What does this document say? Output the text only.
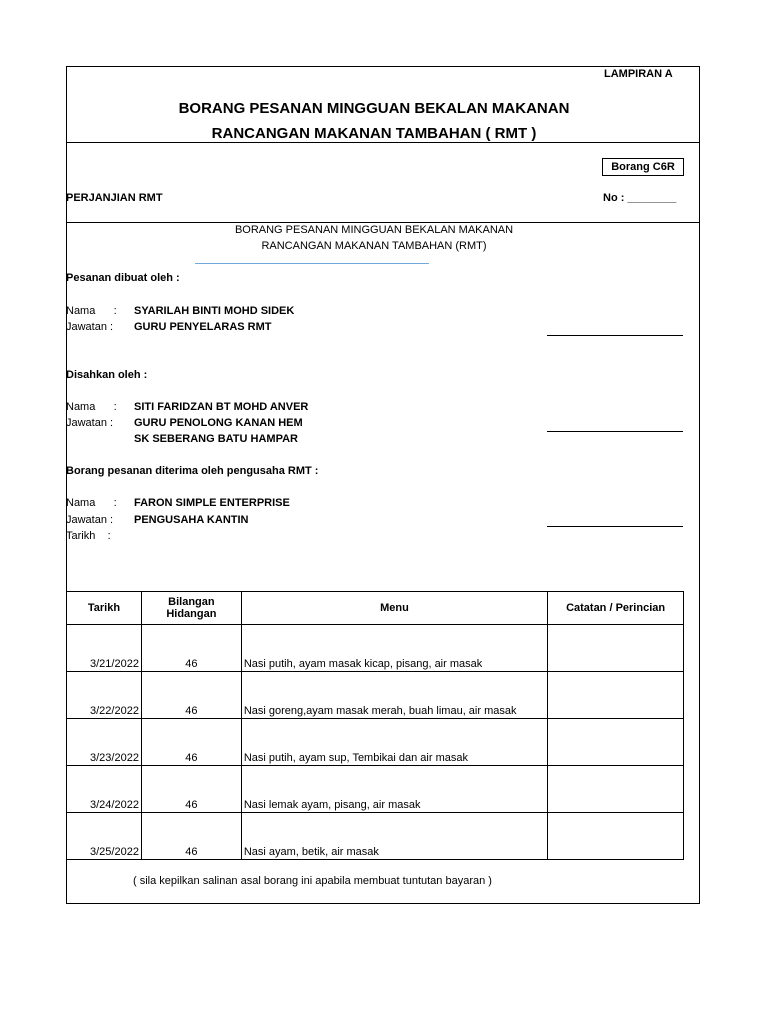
LAMPIRAN A
BORANG PESANAN MINGGUAN BEKALAN MAKANAN
RANCANGAN MAKANAN TAMBAHAN ( RMT )
Borang C6R
PERJANJIAN RMT	No : ________
BORANG PESANAN MINGGUAN BEKALAN MAKANAN
RANCANGAN MAKANAN TAMBAHAN (RMT)
Pesanan dibuat oleh :
Nama      : SYARILAH BINTI MOHD SIDEK
Jawatan : GURU PENYELARAS RMT
Disahkan oleh :
Nama      : SITI FARIDZAN BT MOHD ANVER
Jawatan : GURU PENOLONG KANAN HEM
SK SEBERANG BATU HAMPAR
Borang pesanan diterima oleh pengusaha RMT :
Nama      : FARON SIMPLE ENTERPRISE
Jawatan : PENGUSAHA KANTIN
Tarikh    :
Tarikh	Bilangan Hidangan	Menu	Catatan / Perincian
3/21/2022	46	Nasi putih, ayam masak kicap, pisang, air masak	
3/22/2022	46	Nasi goreng,ayam masak merah, buah limau, air masak	
3/23/2022	46	Nasi putih, ayam sup, Tembikai dan air masak	
3/24/2022	46	Nasi lemak ayam, pisang, air masak	
3/25/2022	46	Nasi ayam, betik, air masak	
( sila kepilkan salinan asal borang ini apabila membuat tuntutan bayaran )
